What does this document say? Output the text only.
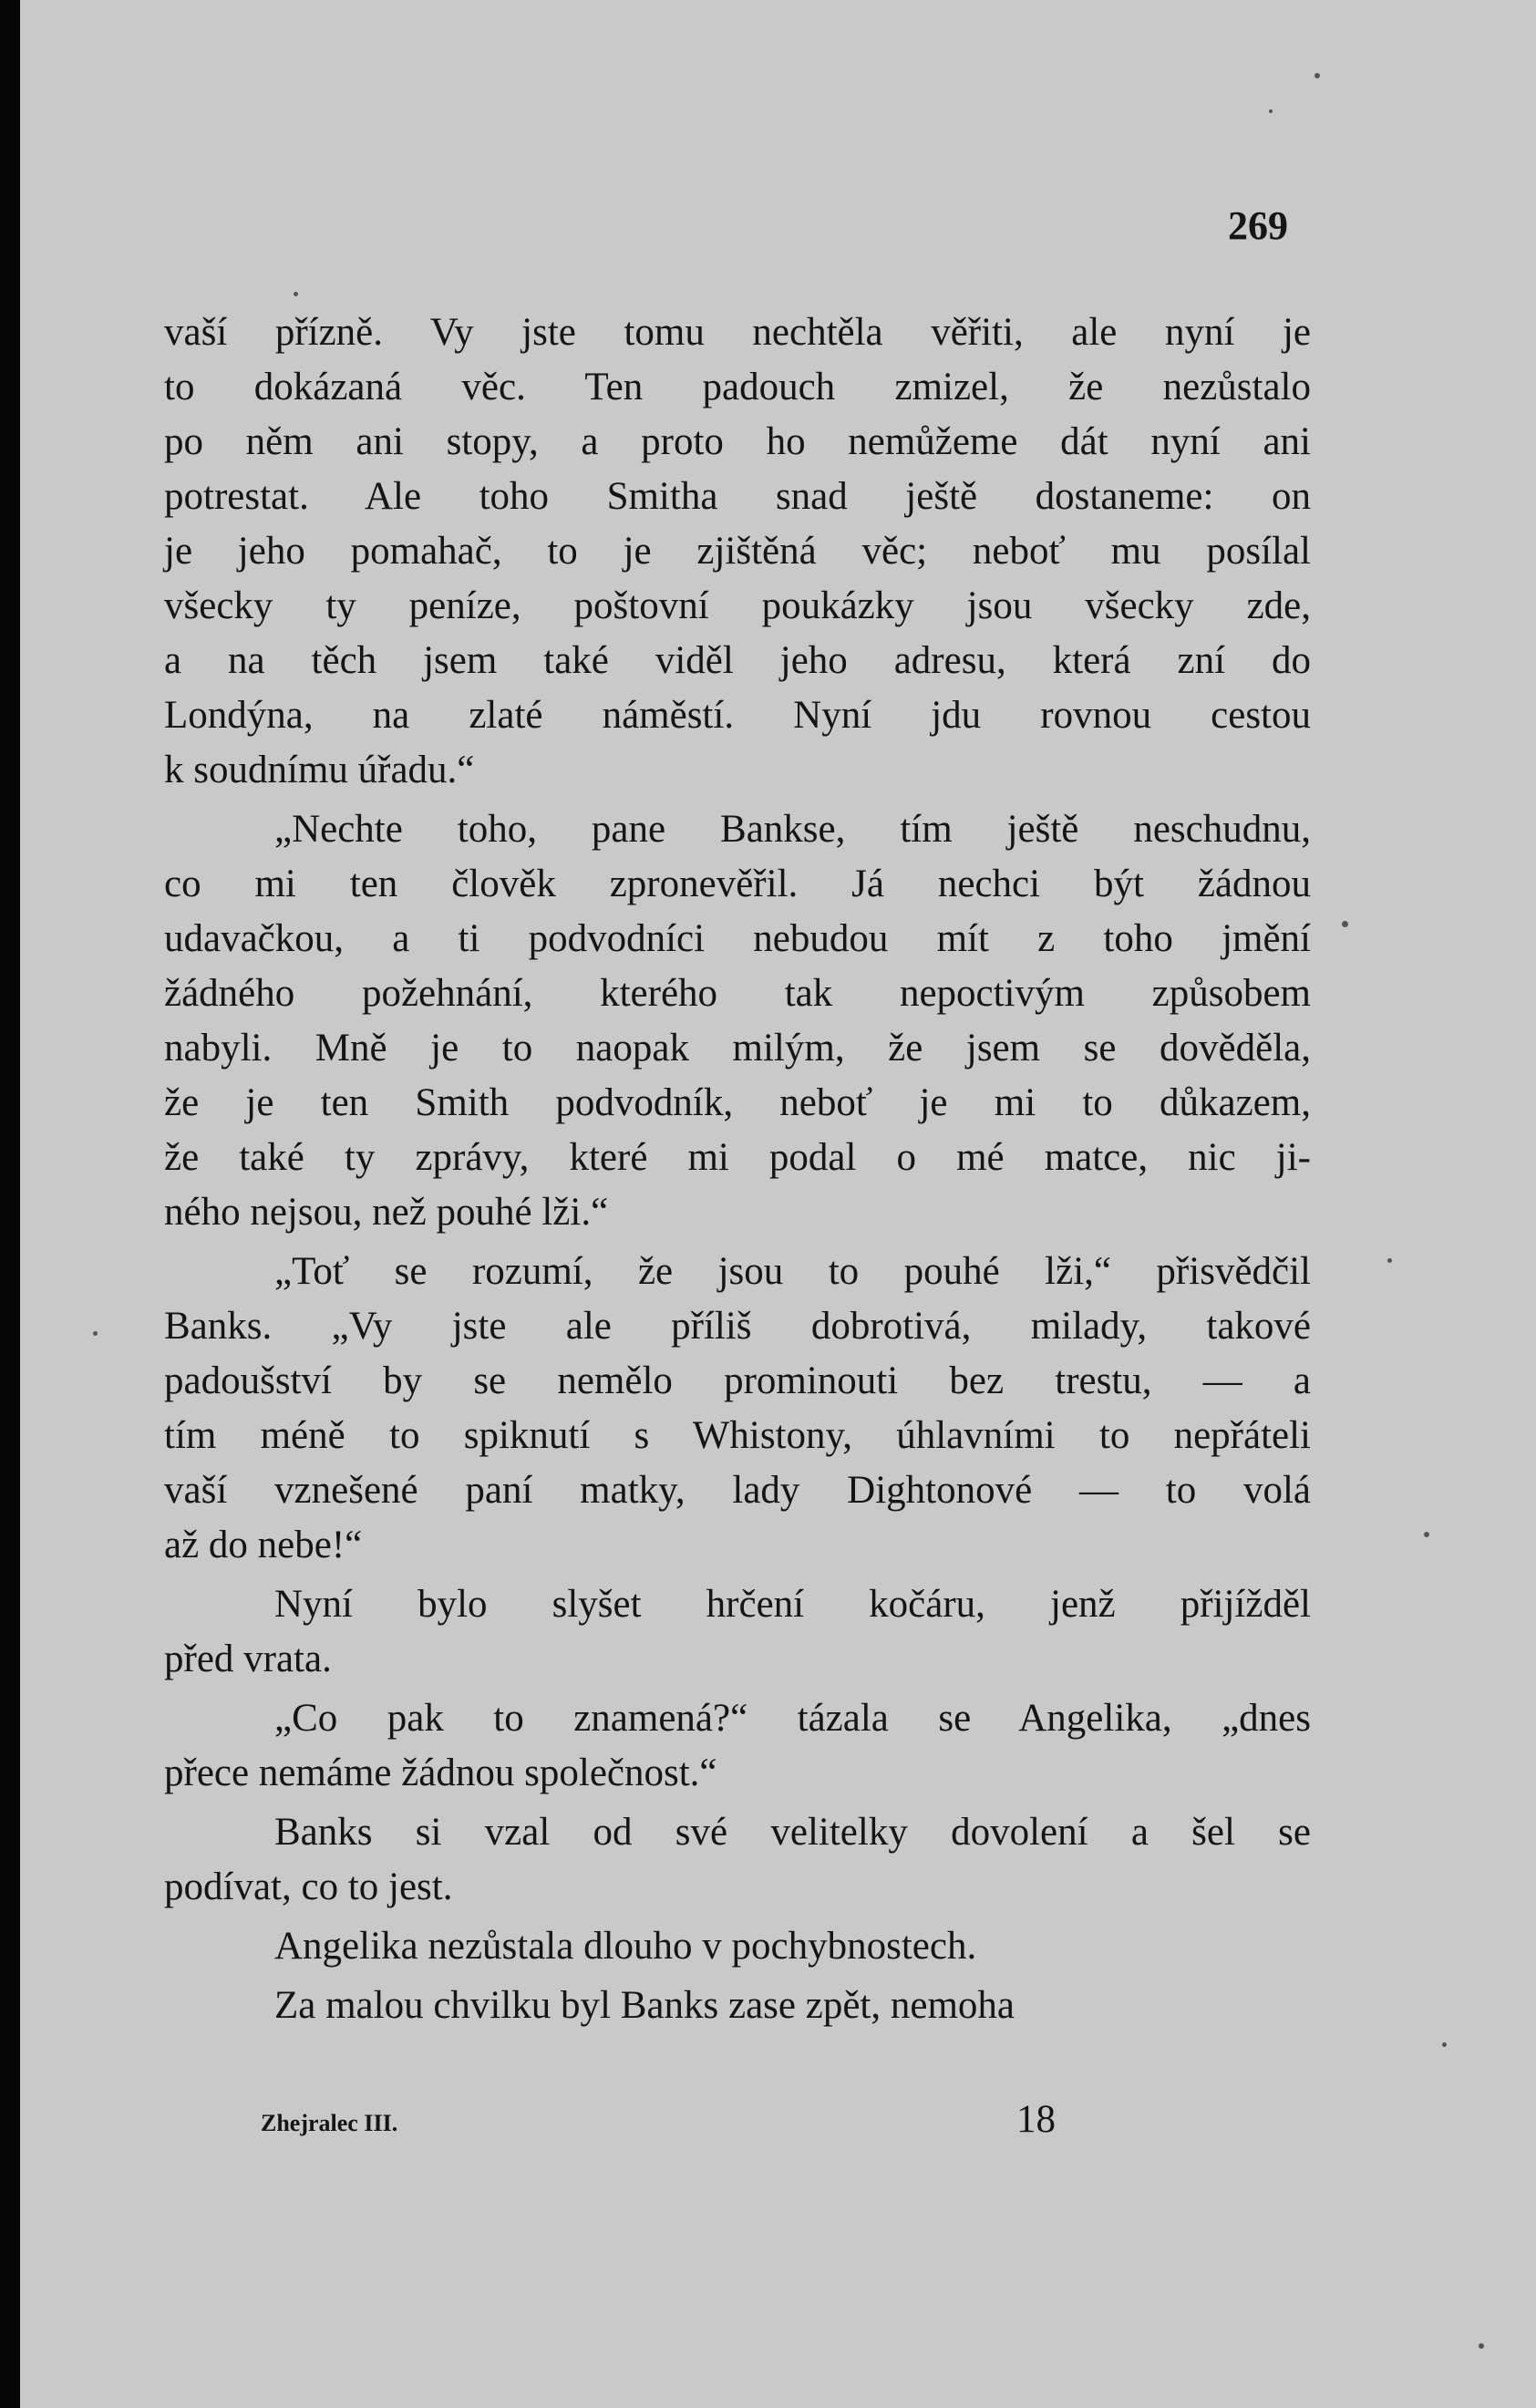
269

vaší přízně. Vy jste tomu nechtěla věřiti, ale nyní je
to dokázaná věc. Ten padouch zmizel, že nezůstalo
po něm ani stopy, a proto ho nemůžeme dát nyní ani
potrestat. Ale toho Smitha snad ještě dostaneme: on
je jeho pomahač, to je zjištěná věc; neboť mu posílal
všecky ty peníze, poštovní poukázky jsou všecky zde,
a na těch jsem také viděl jeho adresu, která zní do
Londýna, na zlaté náměstí. Nyní jdu rovnou cestou
k soudnímu úřadu.“

„Nechte toho, pane Bankse, tím ještě neschudnu,
co mi ten člověk zpronevěřil. Já nechci být žádnou
udavačkou, a ti podvodníci nebudou mít z toho jmění
žádného požehnání, kterého tak nepoctivým způsobem
nabyli. Mně je to naopak milým, že jsem se dověděla,
že je ten Smith podvodník, neboť je mi to důkazem,
že také ty zprávy, které mi podal o mé matce, nic ji-
ného nejsou, než pouhé lži.“

„Toť se rozumí, že jsou to pouhé lži,“ přisvědčil
Banks. „Vy jste ale příliš dobrotivá, milady, takové
padoušství by se nemělo prominouti bez trestu, — a
tím méně to spiknutí s Whistony, úhlavními to nepřáteli
vaší vznešené paní matky, lady Dightonové — to volá
až do nebe!“

Nyní bylo slyšet hrčení kočáru, jenž přijížděl
před vrata.

„Co pak to znamená?“ tázala se Angelika, „dnes
přece nemáme žádnou společnost.“

Banks si vzal od své velitelky dovolení a šel se
podívat, co to jest.

Angelika nezůstala dlouho v pochybnostech.

Za malou chvilku byl Banks zase zpět, nemoha

Zhejralec III.	18
